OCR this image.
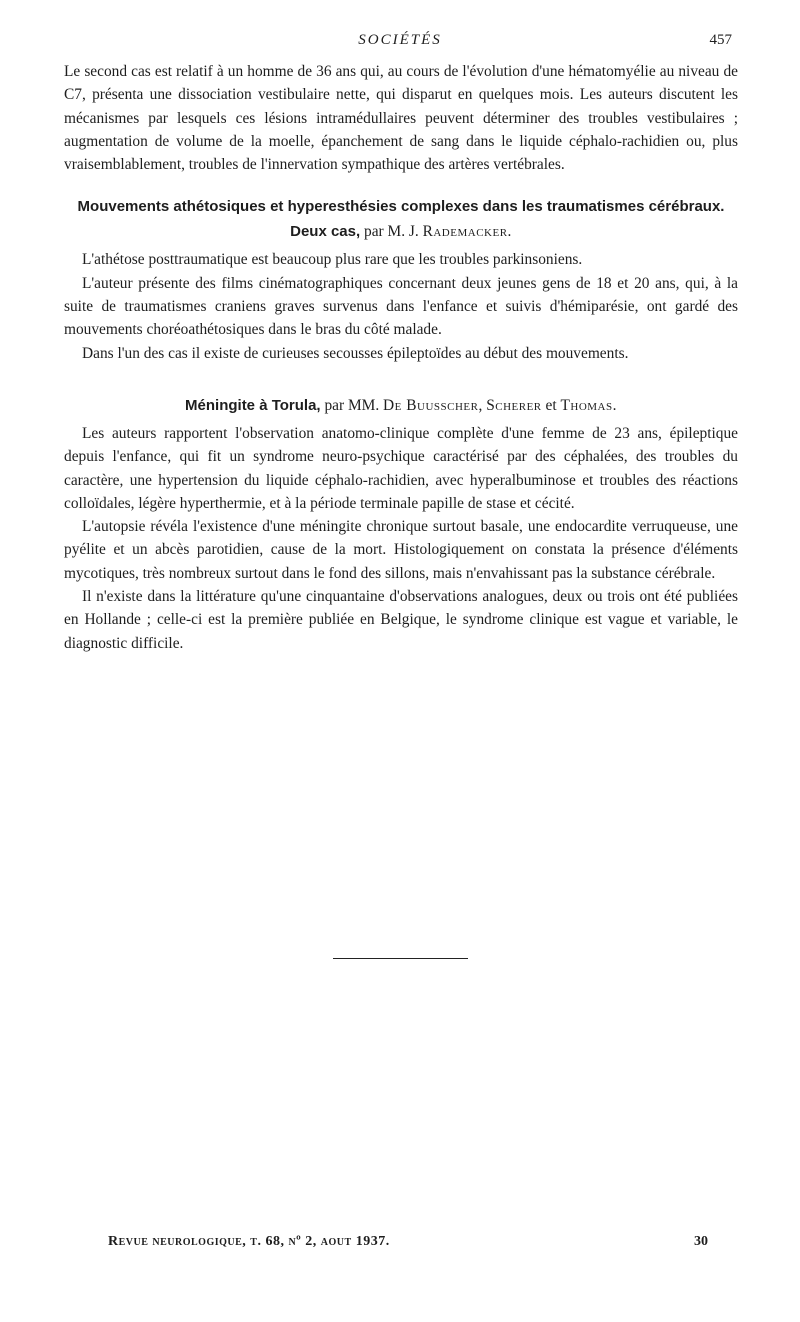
SOCIÉTÉS	457

Le second cas est relatif à un homme de 36 ans qui, au cours de l'évolution d'une hématomyélie au niveau de C7, présenta une dissociation vestibulaire nette, qui disparut en quelques mois. Les auteurs discutent les mécanismes par lesquels ces lésions intramédullaires peuvent déterminer des troubles vestibulaires ; augmentation de volume de la moelle, épanchement de sang dans le liquide céphalo-rachidien ou, plus vraisemblablement, troubles de l'innervation sympathique des artères vertébrales.

Mouvements athétosiques et hyperesthésies complexes dans les traumatismes cérébraux. Deux cas, par M. J. Rademacker.

L'athétose posttraumatique est beaucoup plus rare que les troubles parkinsoniens.

L'auteur présente des films cinématographiques concernant deux jeunes gens de 18 et 20 ans, qui, à la suite de traumatismes craniens graves survenus dans l'enfance et suivis d'hémiparésie, ont gardé des mouvements choréoathétosiques dans le bras du côté malade.

Dans l'un des cas il existe de curieuses secousses épileptoïdes au début des mouvements.

Méningite à Torula, par MM. De Buusscher, Scherer et Thomas.

Les auteurs rapportent l'observation anatomo-clinique complète d'une femme de 23 ans, épileptique depuis l'enfance, qui fit un syndrome neuro-psychique caractérisé par des céphalées, des troubles du caractère, une hypertension du liquide céphalo-rachidien, avec hyperalbuminose et troubles des réactions colloïdales, légère hyperthermie, et à la période terminale papille de stase et cécité.

L'autopsie révéla l'existence d'une méningite chronique surtout basale, une endocardite verruqueuse, une pyélite et un abcès parotidien, cause de la mort. Histologiquement on constata la présence d'éléments mycotiques, très nombreux surtout dans le fond des sillons, mais n'envahissant pas la substance cérébrale.

Il n'existe dans la littérature qu'une cinquantaine d'observations analogues, deux ou trois ont été publiées en Hollande ; celle-ci est la première publiée en Belgique, le syndrome clinique est vague et variable, le diagnostic difficile.

Revue neurologique, t. 68, nº 2, aout 1937.	30
